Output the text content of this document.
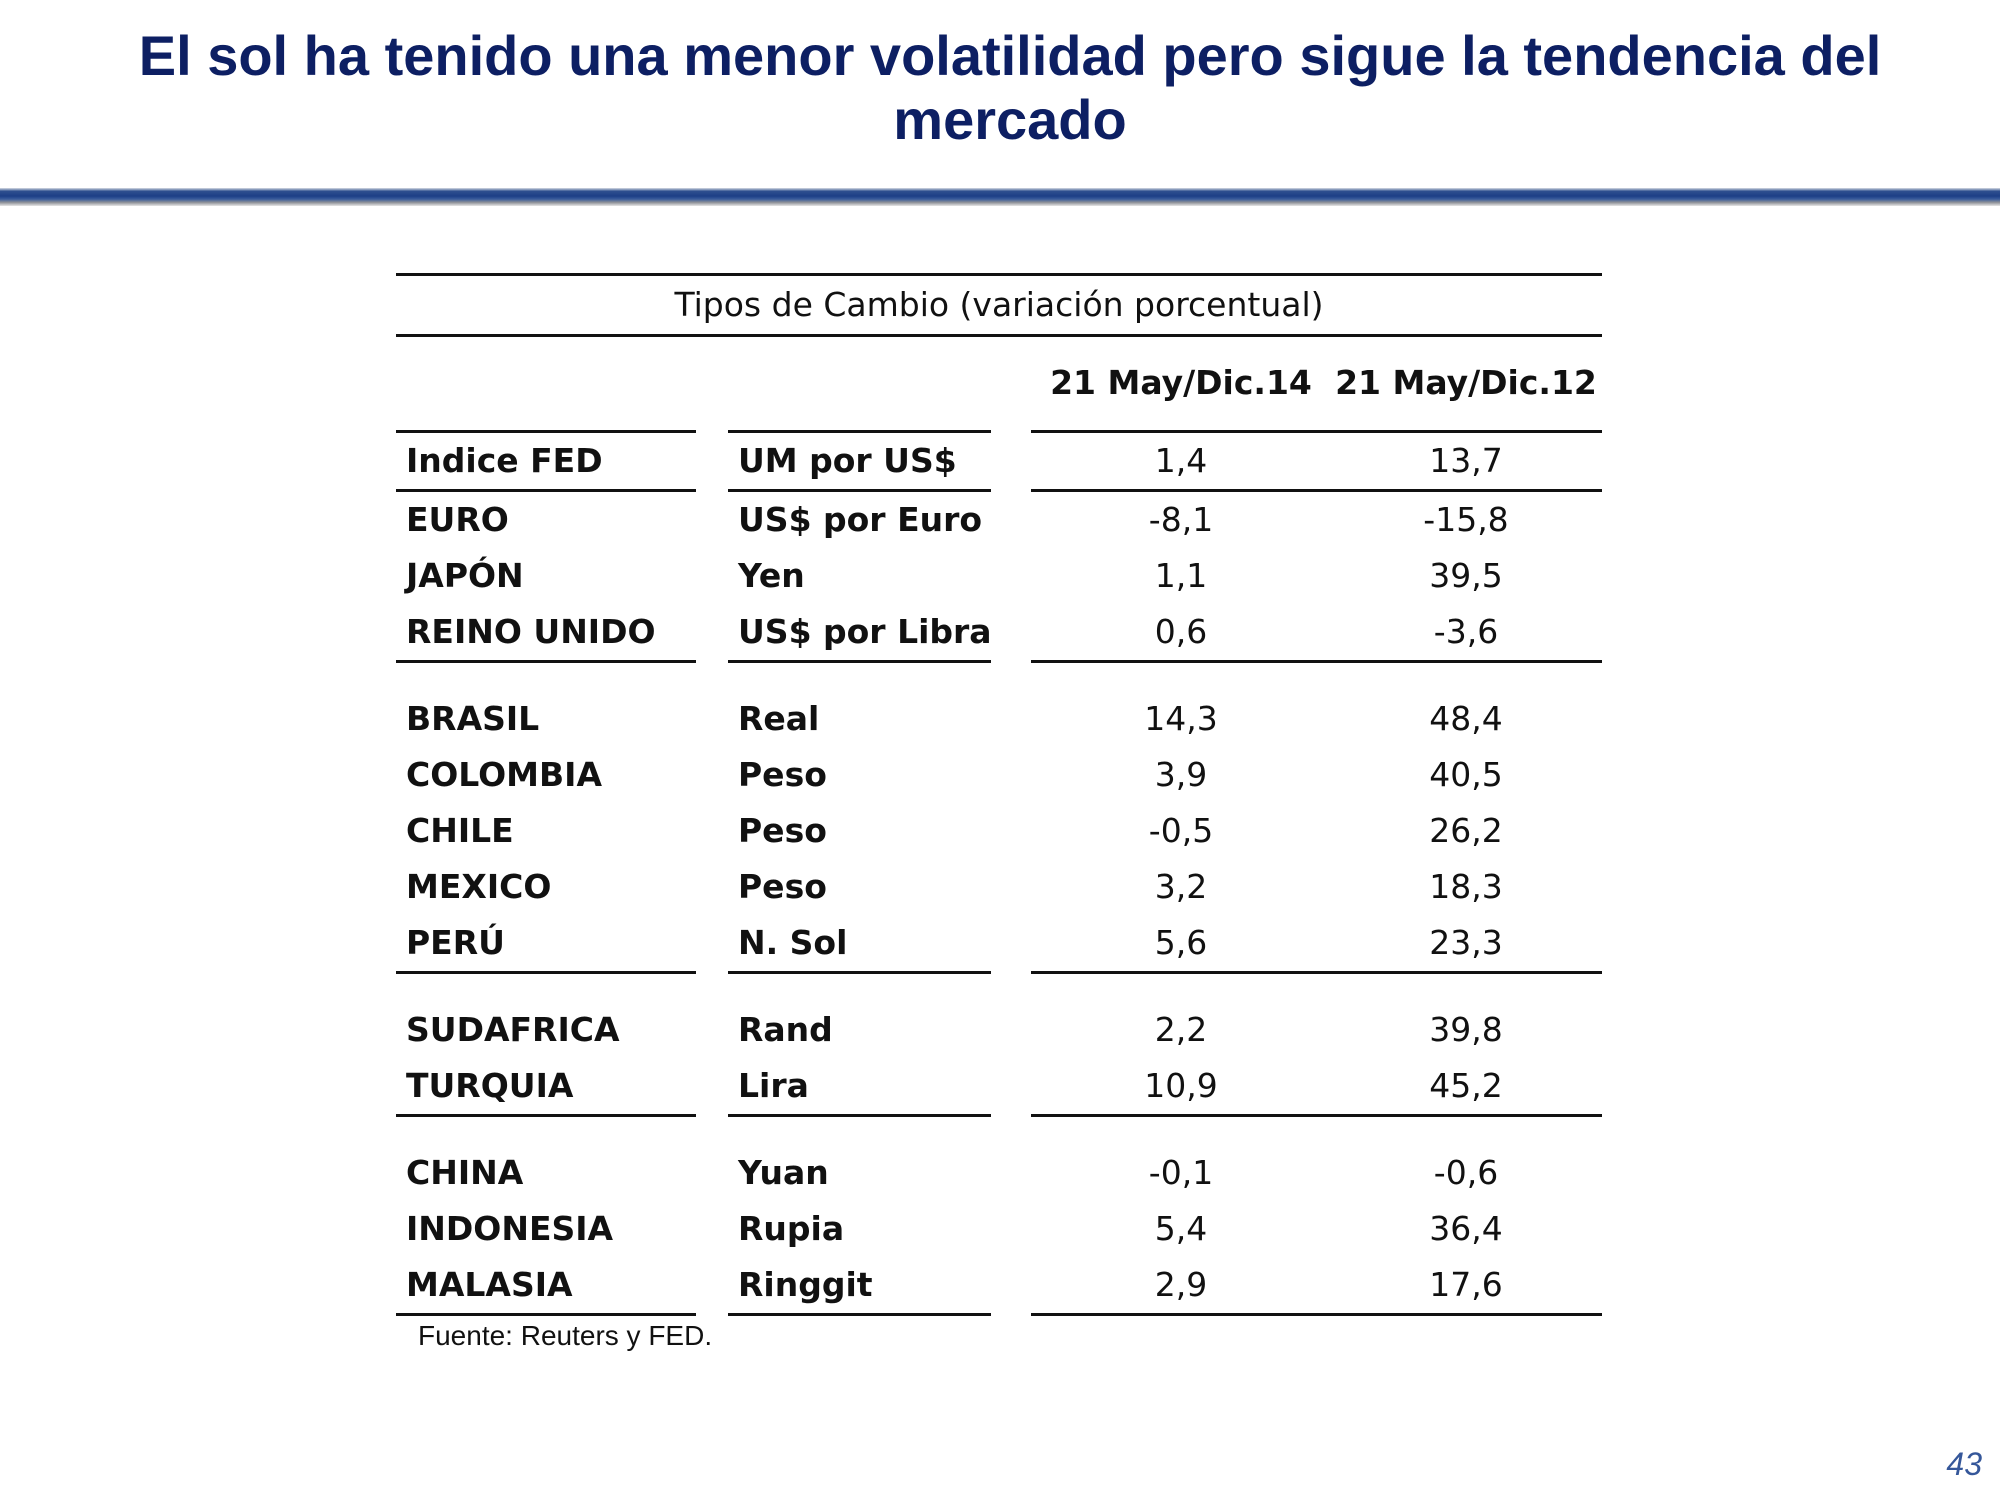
El sol ha tenido una menor volatilidad pero sigue la tendencia del mercado
Tipos de Cambio (variación porcentual)
21 May/Dic.14 21 May/Dic.12
Indice FED	UM por US$	1,4	13,7
EURO	US$ por Euro	-8,1	-15,8
JAPÓN	Yen	1,1	39,5
REINO UNIDO	US$ por Libra	0,6	-3,6
BRASIL	Real	14,3	48,4
COLOMBIA	Peso	3,9	40,5
CHILE	Peso	-0,5	26,2
MEXICO	Peso	3,2	18,3
PERÚ	N. Sol	5,6	23,3
SUDAFRICA	Rand	2,2	39,8
TURQUIA	Lira	10,9	45,2
CHINA	Yuan	-0,1	-0,6
INDONESIA	Rupia	5,4	36,4
MALASIA	Ringgit	2,9	17,6
Fuente: Reuters y FED.
43
